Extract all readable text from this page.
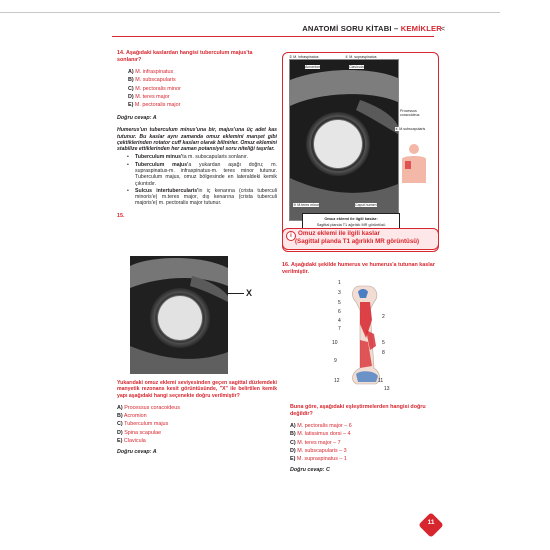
ANATOMİ SORU KİTABI – KEMİKLER
<
14. Aşağıdaki kaslardan hangisi tuberculum majus'ta sonlanır?
A) M. infraspinatus
B) M. subscapularis
C) M. pectoralis minor
D) M. teres major
E) M. pectoralis major
Doğru cevap: A
Humerus'un tuberculum minus'una bir, majus'una üç adet kas tutunur. Bu kaslar aynı zamanda omuz eklemini manşet gibi çektiklerinden rotator cuff kasları olarak bilinirler. Omuz eklemini stabilize ettiklerinden her zaman potansiyel soru niteliği taşırlar.
• Tuberculum minus'ta m. subscapularis sonlanır.
• Tuberculum majus'a yukardan aşağı doğru; m. supraspinatus-m. infraspinatus-m. teres minor tutunur. Tuberculum majus, omuz bölgesinde en lateraldeki kemik çıkıntıdır.
• Sulcus intertubercularis'in iç kenarına (crista tuberculi minoris'e) m.teres major, dış kenarına (crista tuberculi majoris'e) m. pectoralis major tutunur.
15.
X
Yukarıdaki omuz eklemi seviyesinden geçen sagittal düzlemdeki manyetik rezonans kesit görüntüsünde, "X" ile belirtilen kemik yapı aşağıdaki hangi seçenekte doğru verilmiştir?
A) Processus coracoideus
B) Acromion
C) Tuberculum majus
D) Spina scapulae
E) Clavicula
Doğru cevap: A
② M. infraspinatus	① M. supraspinatus
Acromion	Clavicula
Processus coracoideus
④ M.subscapularis
③ M.teres minor	Caput humeri
Omuz eklemi ile ilgili kaslar:
Sagittal planda T1 ağırlıklı MR görüntüsü
i Omuz eklemi ile ilgili kaslar
(Sagittal planda T1 ağırlıklı MR görüntüsü)
16. Aşağıdaki şekilde humerus ve humerus'a tutunan kaslar verilmiştir.
1
3
5
6
4
7
2
10	5
8
9
12	11
13
Buna göre, aşağıdaki eşleştirmelerden hangisi doğru değildir?
A) M. pectoralis major – 6
B) M. latissimus dorsi – 4
C) M. teres major – 7
D) M. subscapularis – 3
E) M. supraspinatus – 1
Doğru cevap: C
11
